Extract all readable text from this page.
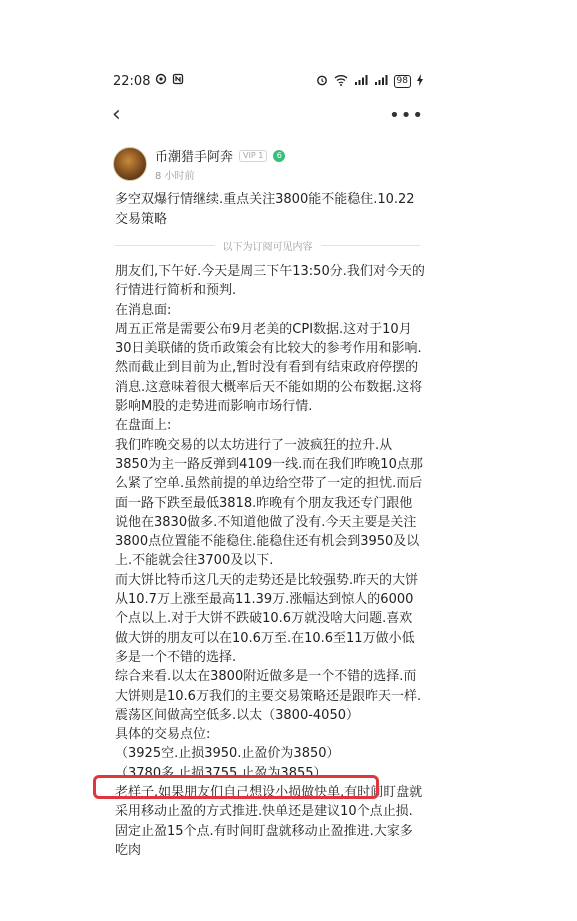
22:08	98
‹	•••
币潮猎手阿奔	VIP 1	6
8 小时前
多空双爆行情继续.重点关注3800能不能稳住.10.22交易策略
以下为订阅可见内容

朋友们,下午好.今天是周三下午13:50分.我们对今天的行情进行简析和预判.

在消息面:

周五正常是需要公布9月老美的CPI数据.这对于10月30日美联储的货币政策会有比较大的参考作用和影响.然而截止到目前为止,暂时没有看到有结束政府停摆的消息.这意味着很大概率后天不能如期的公布数据.这将影响M股的走势进而影响市场行情.

在盘面上:

我们昨晚交易的以太坊进行了一波疯狂的拉升.从3850为主一路反弹到4109一线.而在我们昨晚10点那么紧了空单.虽然前提的单边给空带了一定的担忧.而后面一路下跌至最低3818.昨晚有个朋友我还专门跟他说他在3830做多.不知道他做了没有.今天主要是关注3800点位置能不能稳住.能稳住还有机会到3950及以上.不能就会往3700及以下.

而大饼比特币这几天的走势还是比较强势.昨天的大饼从10.7万上涨至最高11.39万.涨幅达到惊人的6000个点以上.对于大饼不跌破10.6万就没啥大问题.喜欢做大饼的朋友可以在10.6万至.在10.6至11万做小低多是一个不错的选择.

综合来看.以太在3800附近做多是一个不错的选择.而大饼则是10.6万我们的主要交易策略还是跟昨天一样.震荡区间做高空低多.以太（3800-4050）

具体的交易点位:

（3925空.止损3950.止盈价为3850）

（3780多.止损3755.止盈为3855）

老样子.如果朋友们自己想设小损做快单.有时间盯盘就采用移动止盈的方式推进.快单还是建议10个点止损.固定止盈15个点.有时间盯盘就移动止盈推进.大家多吃肉
